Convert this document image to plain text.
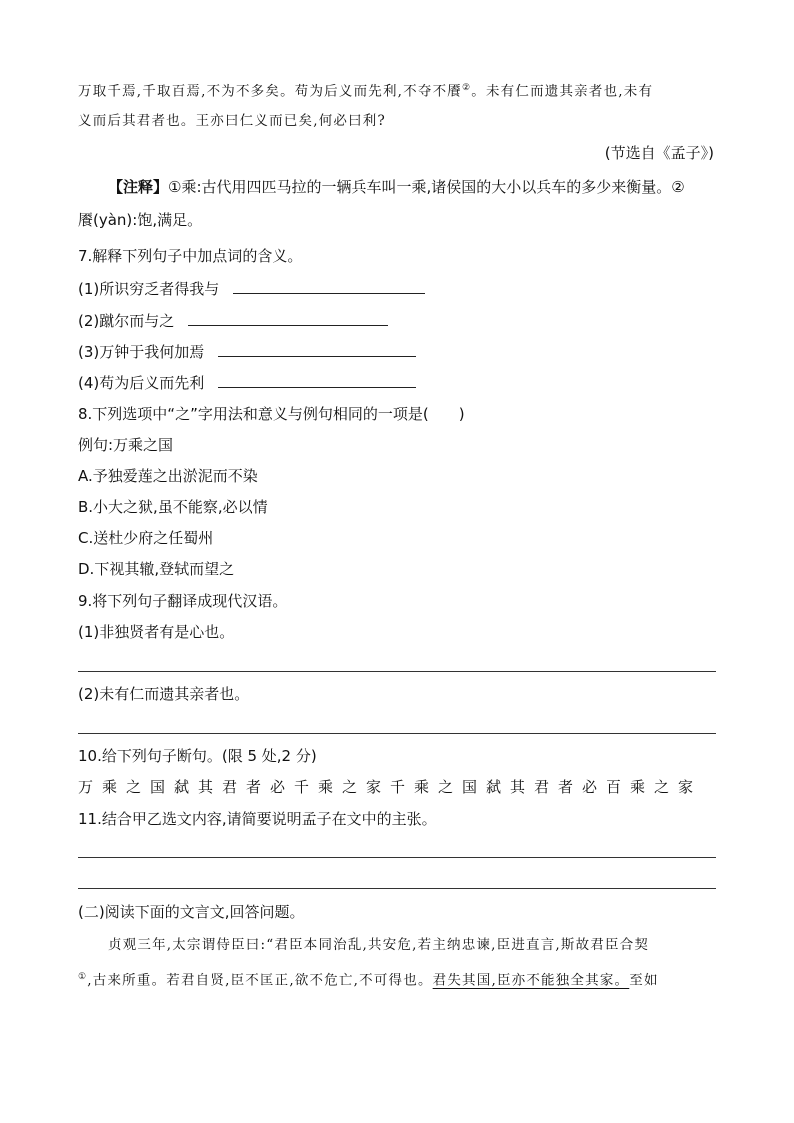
万取千焉,千取百焉,不为不多矣。苟为后义而先利,不夺不餍②。未有仁而遗其亲者也,未有
义而后其君者也。王亦曰仁义而已矣,何必曰利?
(节选自《孟子》)
【注释】①乘:古代用四匹马拉的一辆兵车叫一乘,诸侯国的大小以兵车的多少来衡量。②
餍(yàn):饱,满足。
7.解释下列句子中加点词的含义。
(1)所识穷乏者得我与
(2)蹴尔而与之
(3)万钟于我何加焉
(4)苟为后义而先利
8.下列选项中“之”字用法和意义与例句相同的一项是(　　)
例句:万乘之国
A.予独爱莲之出淤泥而不染
B.小大之狱,虽不能察,必以情
C.送杜少府之任蜀州
D.下视其辙,登轼而望之
9.将下列句子翻译成现代汉语。
(1)非独贤者有是心也。
(2)未有仁而遗其亲者也。
10.给下列句子断句。(限 5 处,2 分)
万乘之国弑其君者必千乘之家千乘之国弑其君者必百乘之家
11.结合甲乙选文内容,请简要说明孟子在文中的主张。
(二)阅读下面的文言文,回答问题。
贞观三年,太宗谓侍臣曰:“君臣本同治乱,共安危,若主纳忠谏,臣进直言,斯故君臣合契
①,古来所重。若君自贤,臣不匡正,欲不危亡,不可得也。君失其国,臣亦不能独全其家。至如
